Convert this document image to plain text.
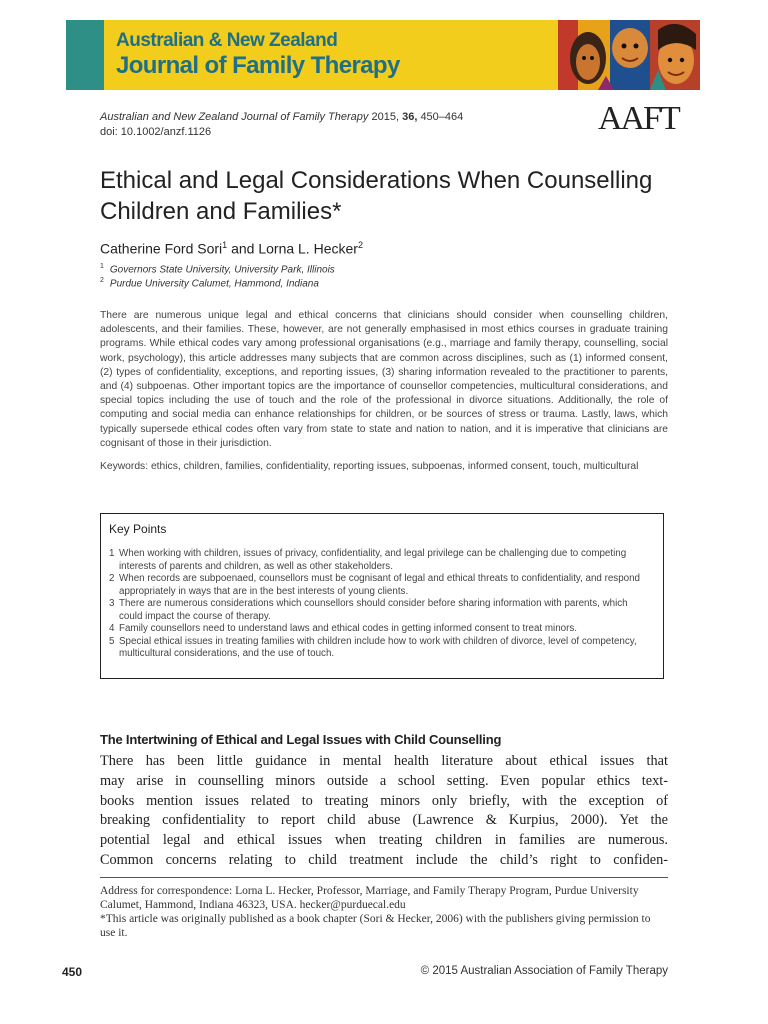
Australian & New Zealand
Journal of Family Therapy
Australian and New Zealand Journal of Family Therapy 2015, 36, 450–464
doi: 10.1002/anzf.1126	AAFT
Ethical and Legal Considerations When Counselling Children and Families*
Catherine Ford Sori$^1$ and Lorna L. Hecker$^2$
$^1$ Governors State University, University Park, Illinois
$^2$ Purdue University Calumet, Hammond, Indiana
There are numerous unique legal and ethical concerns that clinicians should consider when counselling children, adolescents, and their families. These, however, are not generally emphasised in most ethics courses in graduate training programs. While ethical codes vary among professional organisations (e.g., marriage and family therapy, counselling, social work, psychology), this article addresses many subjects that are common across disciplines, such as (1) informed consent, (2) types of confidentiality, exceptions, and reporting issues, (3) sharing information revealed to the practitioner to parents, and (4) subpoenas. Other important topics are the importance of counsellor competencies, multicultural considerations, and special topics including the use of touch and the role of the professional in divorce situations. Additionally, the role of computing and social media can enhance relationships for children, or be sources of stress or trauma. Lastly, laws, which typically supersede ethical codes often vary from state to state and nation to nation, and it is imperative that clinicians are cognisant of those in their jurisdiction.
Keywords: ethics, children, families, confidentiality, reporting issues, subpoenas, informed consent, touch, multicultural
Key Points
1 When working with children, issues of privacy, confidentiality, and legal privilege can be challenging due to competing interests of parents and children, as well as other stakeholders.
2 When records are subpoenaed, counsellors must be cognisant of legal and ethical threats to confidentiality, and respond appropriately in ways that are in the best interests of young clients.
3 There are numerous considerations which counsellors should consider before sharing information with parents, which could impact the course of therapy.
4 Family counsellors need to understand laws and ethical codes in getting informed consent to treat minors.
5 Special ethical issues in treating families with children include how to work with children of divorce, level of competency, multicultural considerations, and the use of touch.
The Intertwining of Ethical and Legal Issues with Child Counselling
There has been little guidance in mental health literature about ethical issues that
may arise in counselling minors outside a school setting. Even popular ethics text-
books mention issues related to treating minors only briefly, with the exception of
breaking confidentiality to report child abuse (Lawrence & Kurpius, 2000). Yet the
potential legal and ethical issues when treating children in families are numerous.
Common concerns relating to child treatment include the child’s right to confiden-
Address for correspondence: Lorna L. Hecker, Professor, Marriage, and Family Therapy Program, Purdue University Calumet, Hammond, Indiana 46323, USA. hecker@purduecal.edu
*This article was originally published as a book chapter (Sori & Hecker, 2006) with the publishers giving permission to use it.
450	© 2015 Australian Association of Family Therapy
